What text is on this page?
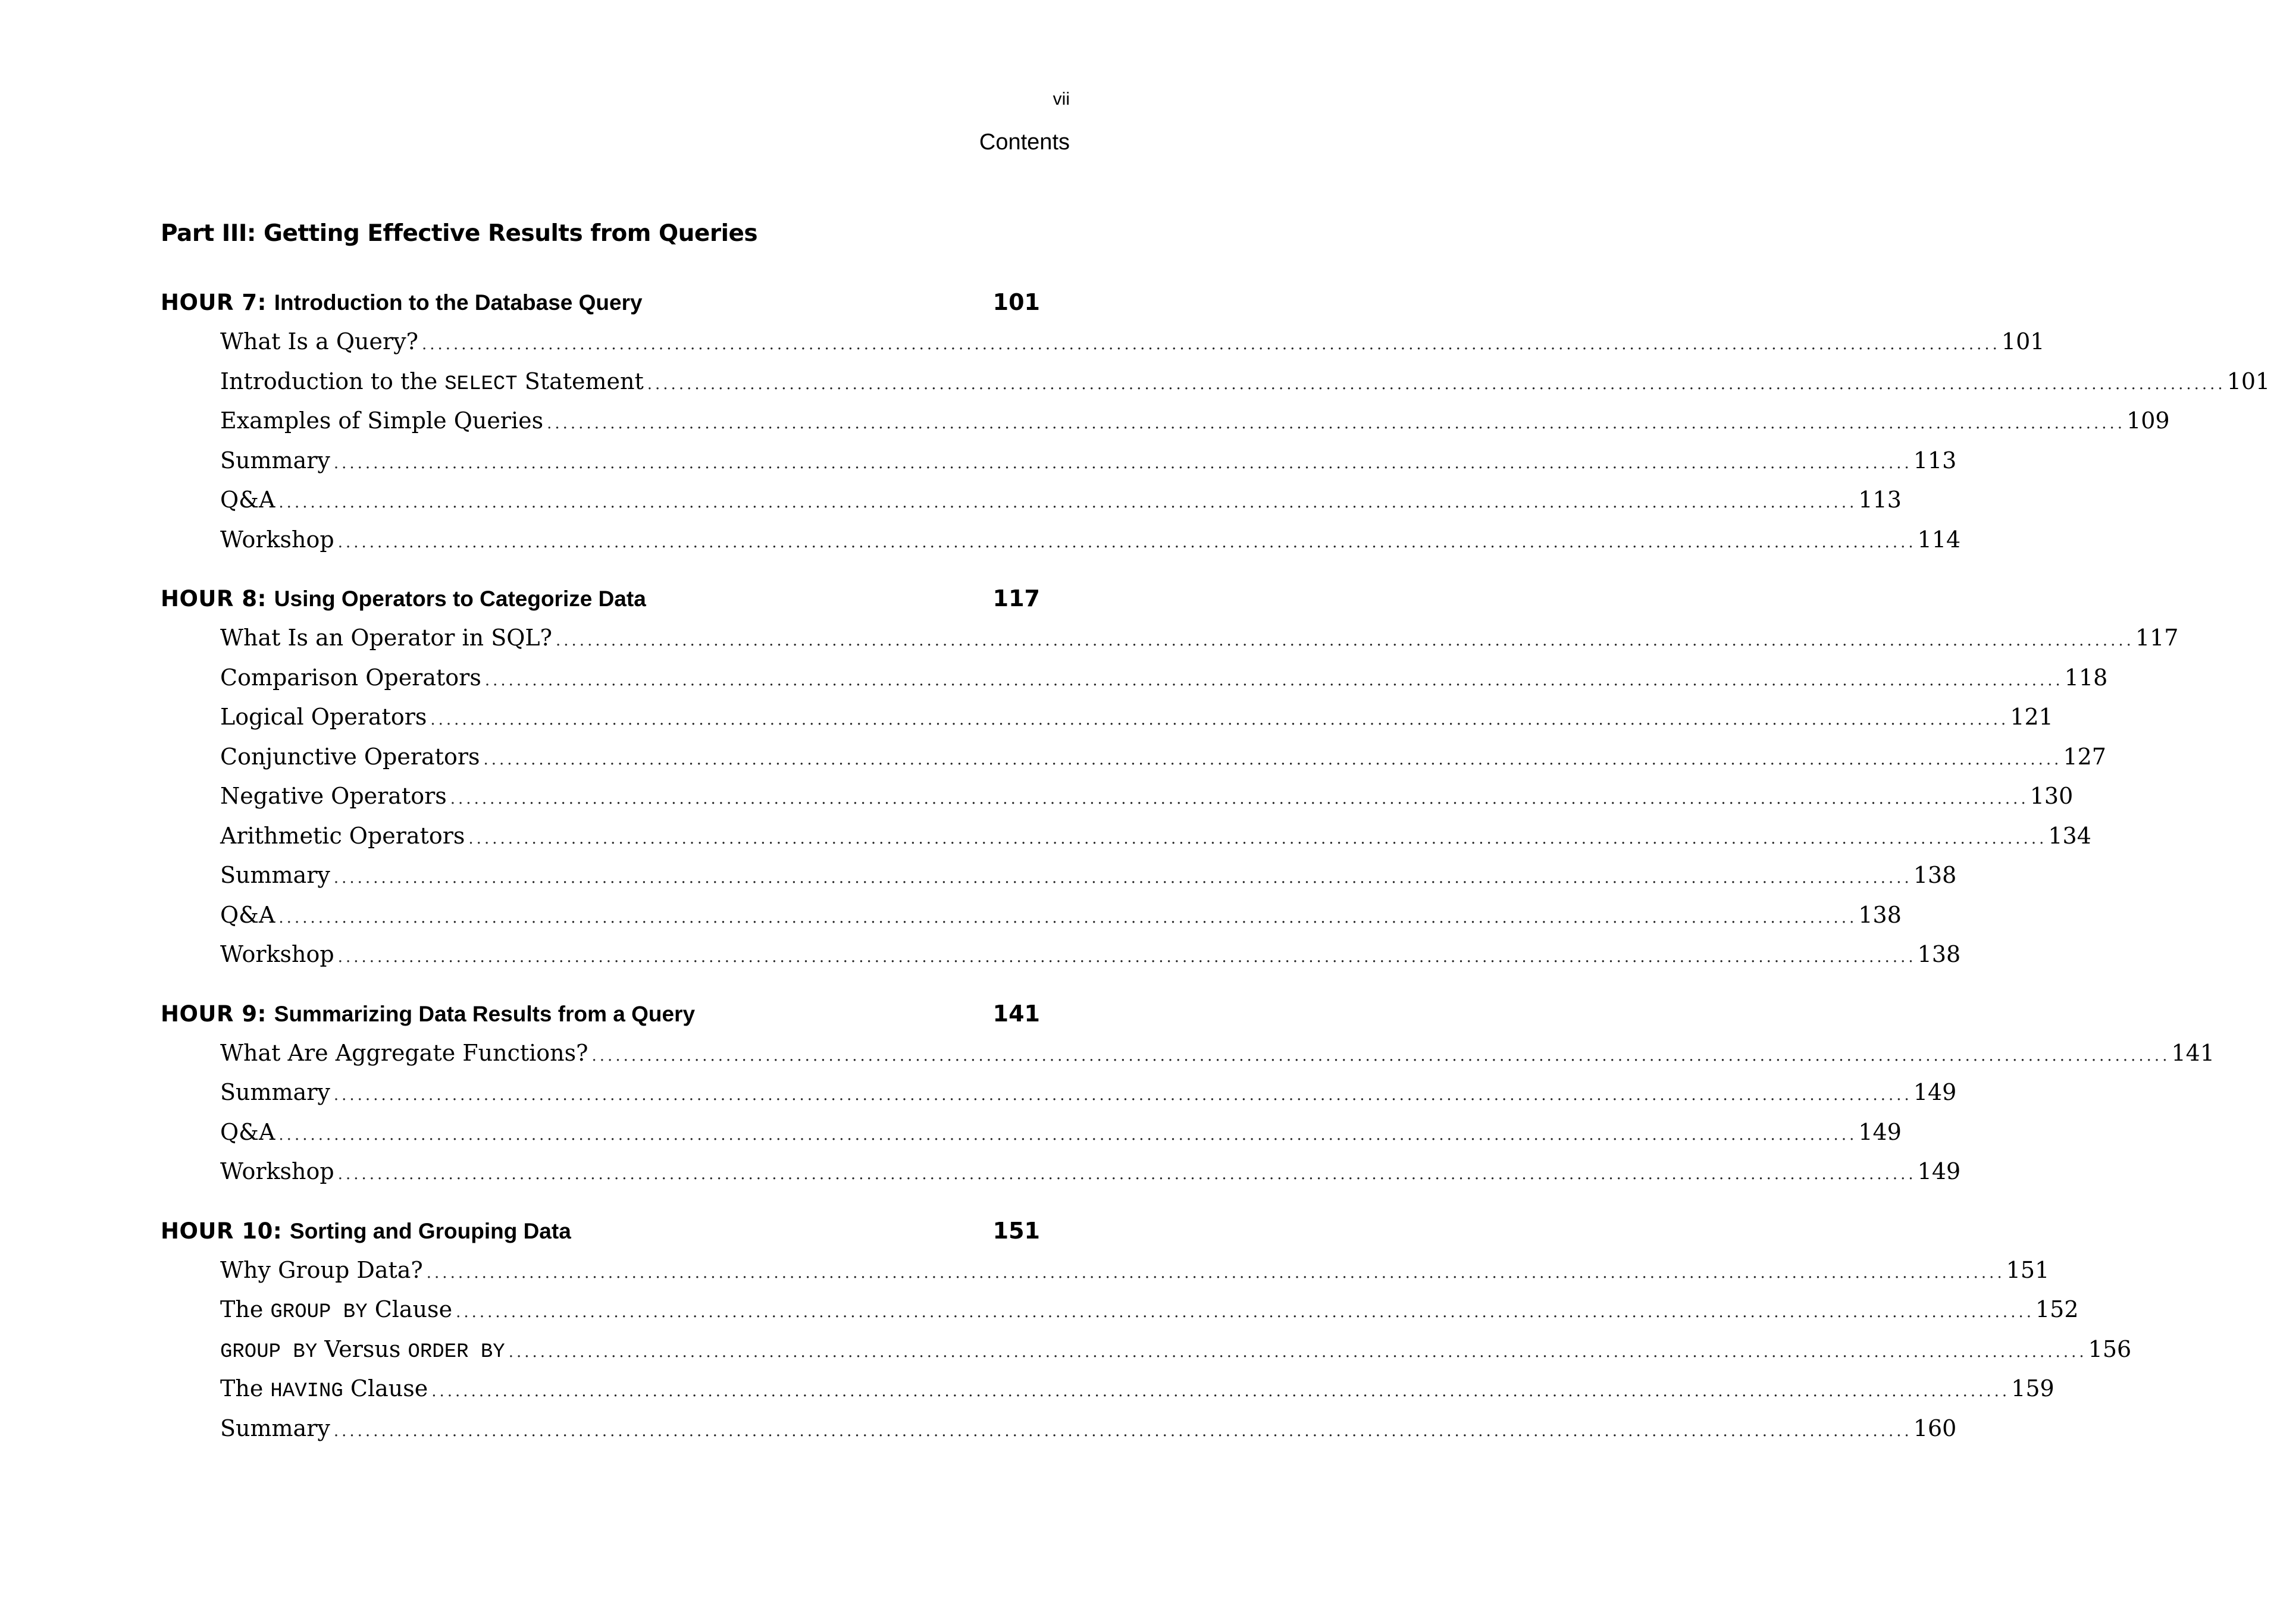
vii
Contents
Part III: Getting Effective Results from Queries
HOUR 7: Introduction to the Database Query	101
What Is a Query? ........................................................................................................................................................................................................ 101
Introduction to the SELECT Statement ........................................................................................................................................................................................................ 101
Examples of Simple Queries ........................................................................................................................................................................................................ 109
Summary ........................................................................................................................................................................................................ 113
Q&A ........................................................................................................................................................................................................ 113
Workshop ........................................................................................................................................................................................................ 114
HOUR 8: Using Operators to Categorize Data	117
What Is an Operator in SQL? ........................................................................................................................................................................................................ 117
Comparison Operators ........................................................................................................................................................................................................ 118
Logical Operators ........................................................................................................................................................................................................ 121
Conjunctive Operators ........................................................................................................................................................................................................ 127
Negative Operators ........................................................................................................................................................................................................ 130
Arithmetic Operators ........................................................................................................................................................................................................ 134
Summary ........................................................................................................................................................................................................ 138
Q&A ........................................................................................................................................................................................................ 138
Workshop ........................................................................................................................................................................................................ 138
HOUR 9: Summarizing Data Results from a Query	141
What Are Aggregate Functions? ........................................................................................................................................................................................................ 141
Summary ........................................................................................................................................................................................................ 149
Q&A ........................................................................................................................................................................................................ 149
Workshop ........................................................................................................................................................................................................ 149
HOUR 10: Sorting and Grouping Data	151
Why Group Data? ........................................................................................................................................................................................................ 151
The GROUP BY Clause ........................................................................................................................................................................................................ 152
GROUP BY Versus ORDER BY ........................................................................................................................................................................................................ 156
The HAVING Clause ........................................................................................................................................................................................................ 159
Summary ........................................................................................................................................................................................................ 160
